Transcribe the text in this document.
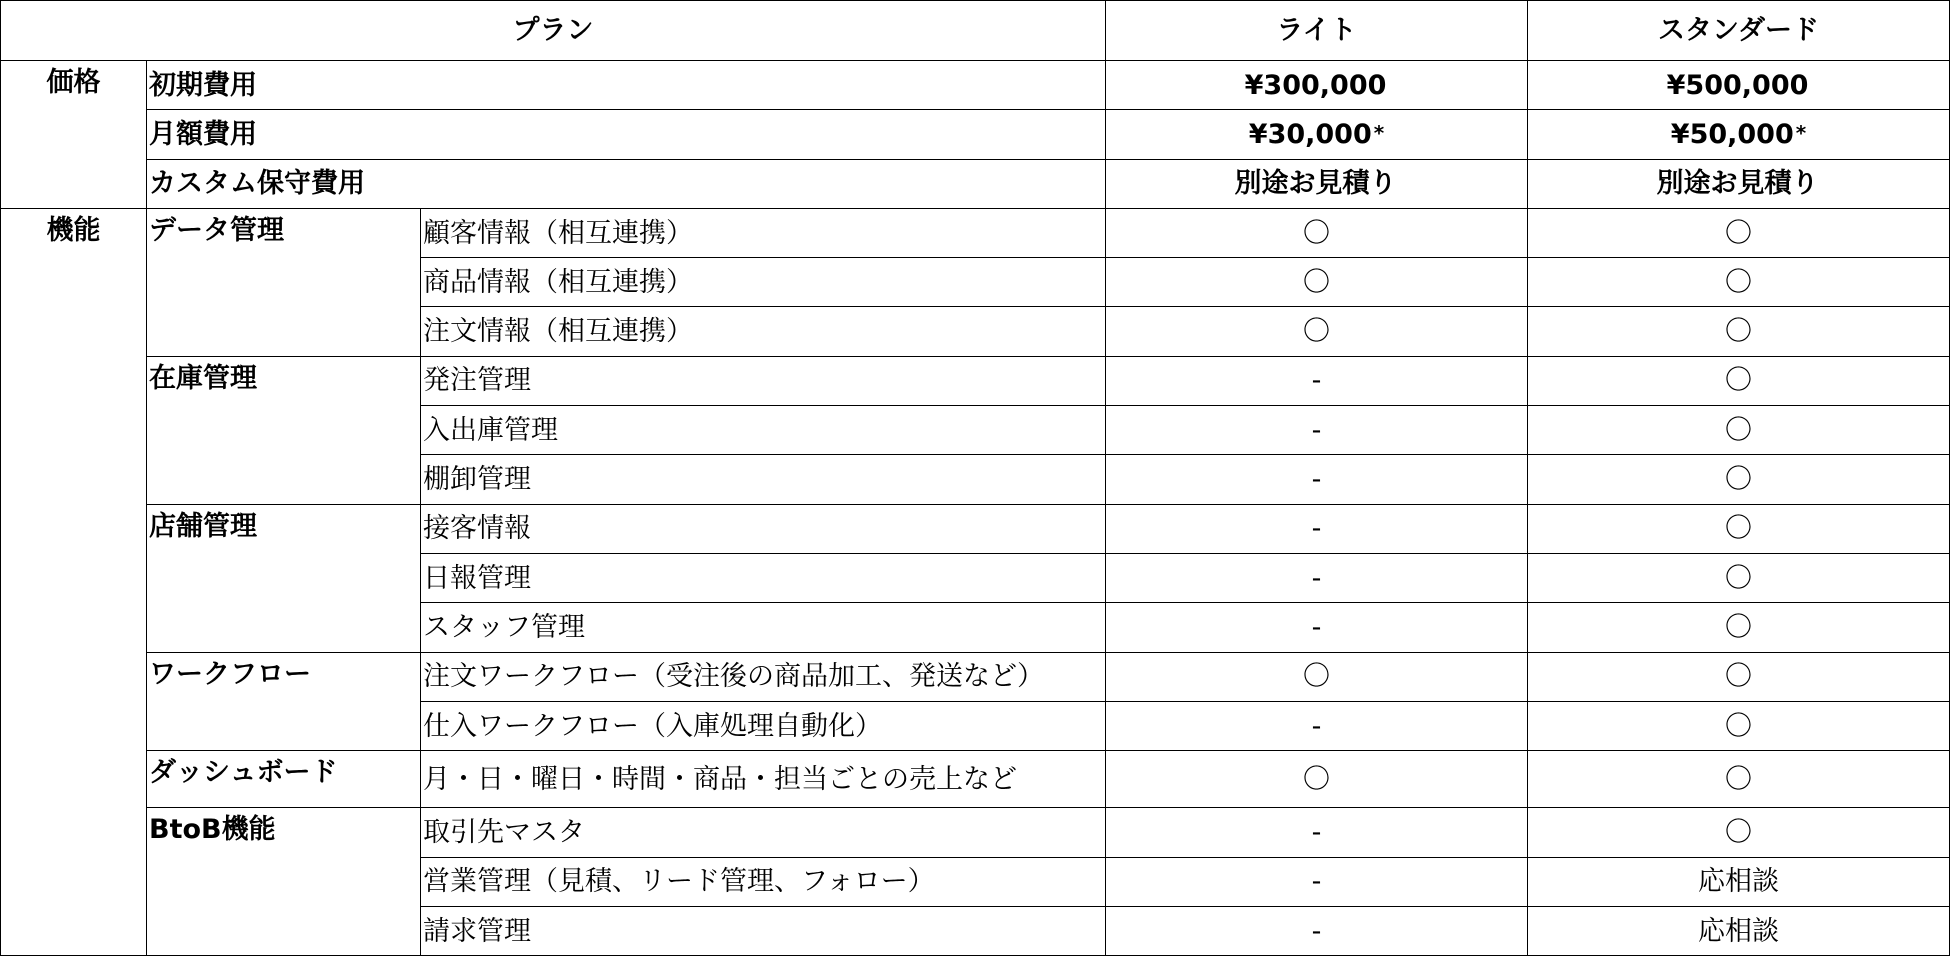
プラン			ライト	スタンダード
価格	初期費用		¥300,000	¥500,000
	月額費用		¥30,000 *	¥50,000 *
	カスタム保守費用		別途お見積り	別途お見積り
機能	データ管理	顧客情報（相互連携）	〇	〇
		商品情報（相互連携）	〇	〇
		注文情報（相互連携）	〇	〇
	在庫管理	発注管理	-	〇
		入出庫管理	-	〇
		棚卸管理	-	〇
	店舗管理	接客情報	-	〇
		日報管理	-	〇
		スタッフ管理	-	〇
	ワークフロー	注文ワークフロー（受注後の商品加工、発送など）	〇	〇
		仕入ワークフロー（入庫処理自動化）	-	〇
	ダッシュボード	月・日・曜日・時間・商品・担当ごとの売上など	〇	〇
	BtoB機能	取引先マスタ	-	〇
		営業管理（見積、リード管理、フォロー）	-	応相談
		請求管理	-	応相談
